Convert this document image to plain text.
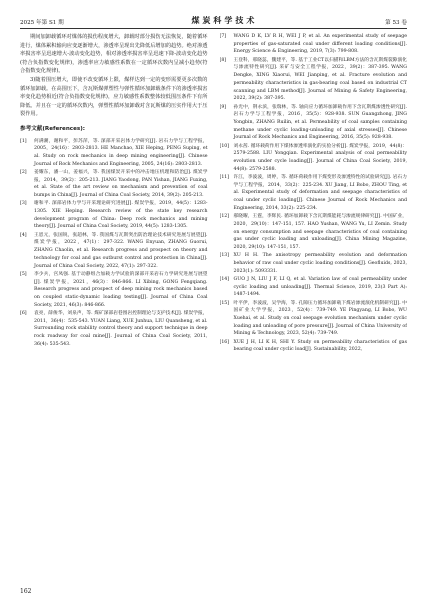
2025 年第 S1 期	煤炭科学技术	第 53 卷

期间加卸载循环对煤体的损伤程度增大，卸载时部分损伤无法恢复，随着循环进行，煤体累积输向应变逐渐增大，渗透率呈现出先降低后增加的趋势。绝对渗透率损害率呈迅速增大-波动变化趋势，相对渗透率损害率呈迅速下降-波动变化趋势(符合负指数变化规律)，渗透率应力敏感性系数在一定循环次数内呈减小趋势(符合指数变化规律)。

3)随着围压增大，即使不改变循环上限，煤样达到一定的变形需要更多次数的循环加卸载。在高围压下，含瓦斯煤弹塑性与弹性循环加卸载条件下的渗透率损害率变化趋势相近(符合负指数变化规律)，应力敏感性系数整体较低围压条件下有所降低。并且在一定的循环次数内，弹塑性循环加卸载对含瓦斯煤的压实作用大于压裂作用。

参考文献(References):
[1]	何满潮，谢和平，彭苏萍，等. 深部开采岩体力学研究[J]. 岩石力学与工程学报，2005，24(16)：2803-2813. HE Manchao, XIE Heping, PENG Suping, et al. Study on rock mechanics in deep mining engineering[J]. Chinese Journal of Rock Mechanics and Engineering, 2005, 24(16): 2803-2813.
[2]	姜耀东，潘一山，姜福兴，等. 我国煤炭开采中的冲击地压机理和防治[J]. 煤炭学报，2014，39(2)：205-213. JIANG Yaodong, PAN Yishan, JIANG Fuxing, et al. State of the art review on mechanism and prevention of coal bumps in China[J]. Journal of China Coal Society, 2014, 39(2): 205-213.
[3]	谢和平. 深部岩体力学与开采理论研究进展[J]. 煤炭学报，2019，44(5)：1283-1305. XIE Heping. Research review of the state key research development program of China: Deep rock mechanics and mining theory[J]. Journal of China Coal Society, 2019, 44(5): 1283-1305.
[4]	王恩元，张国锐，张超林，等. 我国煤与瓦斯突出防治理论技术研究进展与展望[J]. 煤炭学报，2022，47(1)：297-322. WANG Enyuan, ZHANG Guorui, ZHANG Chaolin, et al. Research progress and prospect on theory and technology for coal and gas outburst control and protection in China[J]. Journal of China Coal Society, 2022, 47(1): 297-322.
[5]	李少兵，宫凤强. 基于动静组合加载力学试验的深部开采岩石力学研究进展与展望[J]. 煤炭学报，2021，46(3)：846-866. LI Xibing, GONG Fengqiang. Research progress and prospect of deep mining rock mechanics based on coupled static-dynamic loading testing[J]. Journal of China Coal Society, 2021, 46(3): 846-866.
[6]	袁亮，薛俊华，刘泉声，等. 煤矿深部岩巷围岩控制理论与支护技术[J]. 煤炭学报，2011，36(4)：535-543. YUAN Liang, XUE Junhua, LIU Quansheng, et al. Surrounding rock stability control theory and support technique in deep rock roadway for coal mine[J]. Journal of China Coal Society, 2011, 36(4): 535-543.
[7]	WANG D K, LV R H, WEI J P, et al. An experimental study of seepage properties of gas-saturated coal under different loading conditions[J]. Energy Science & Engineering, 2019, 7(3): 799-808.
[8]	王登科，邢晓蕊，魏建平，等. 基于工业CT以扫描和LBM方法的含瓦斯煤裂隙演化与渗流特性研究[J]. 采矿与安全工程学报，2022，39(2)：387-395. WANG Dengke, XING Xiaorui, WEI Jianping, et al. Fracture evolution and permeability characteristics in gas-bearing coal based on industrial CT scanning and LBM method[J]. Journal of Mining & Safety Engineering, 2022, 39(2): 387-395.
[9]	孙光中，荆永滨，张瑞林，等. 轴向应力循环加卸载作用下含瓦斯煤渗透性研究[J]. 岩石力学与工程学报，2016，35(5)：928-938. SUN Guangzhong, JING Yongbin, ZHANG Ruilin, et al. Permeability of coal samples containing methane under cyclic loading-unloading of axial stresses[J]. Chinese Journal of Rock Mechanics and Engineering, 2016, 35(5): 928-938.
[10] 刘永茜. 循环载荷作用下煤体渗透率演化的实验分析[J]. 煤炭学报，2019，44(8)：2579-2588. LIU Yongqian. Experimental analysis of coal permeability evolution under cycle loading[J]. Journal of China Coal Society, 2019, 44(8): 2579-2588.
[11] 许江，李波波，周婷，等. 循环荷载作用下煤变形及渗透特性的试验研究[J]. 岩石力学与工程学报，2014，33(2)：225-234. XU Jiang, LI Bobo, ZHOU Ting, et al. Experimental study of deformation and seepage characteristics of coal under cyclic loading[J]. Chinese Journal of Rock Mechanics and Engineering, 2014, 33(2): 225-234.
[12] 郝晓曜，王霆，李辉民. 循环加卸载下含瓦斯煤能耗与渗流规律研究[J]. 中国矿业，2020，29(10)：147-151, 157. HAO Yushan, WANG Yu, LI Zemin. Study on energy consumption and seepage characteristics of coal containing gas under cyclic loading and unloading[J]. China Mining Magazine, 2020, 29(10): 147-151, 157.
[13] XU H H. The anisotropy permeability evolution and deformation behavior of raw coal under cyclic loading conditions[J]. Geofluids, 2023, 2023(1): 5093331.
[14] GUO J N, LIU J F, LI Q, et al. Variation law of coal permeability under cyclic loading and unloading[J]. Thermal Science, 2019, 23(3 Part A): 1487-1494.
[15] 叶平伊，李波波，吴学海，等. 孔隙压力循环加卸载下煤岩渗流演化机制研究[J]. 中国矿业大学学报，2023，52(4)：739-749. YE Pingyang, LI Bobo, WU Xuehai, et al. Study on coal seepage evolution mechanism under cyclic loading and unloading of pore pressure[J]. Journal of China University of Mining & Technology, 2023, 52(4): 739-749.
[16] XUE J H, LI K H, SHI Y. Study on permeability characteristics of gas bearing coal under cyclic load[J]. Sustainability, 2022,
162
